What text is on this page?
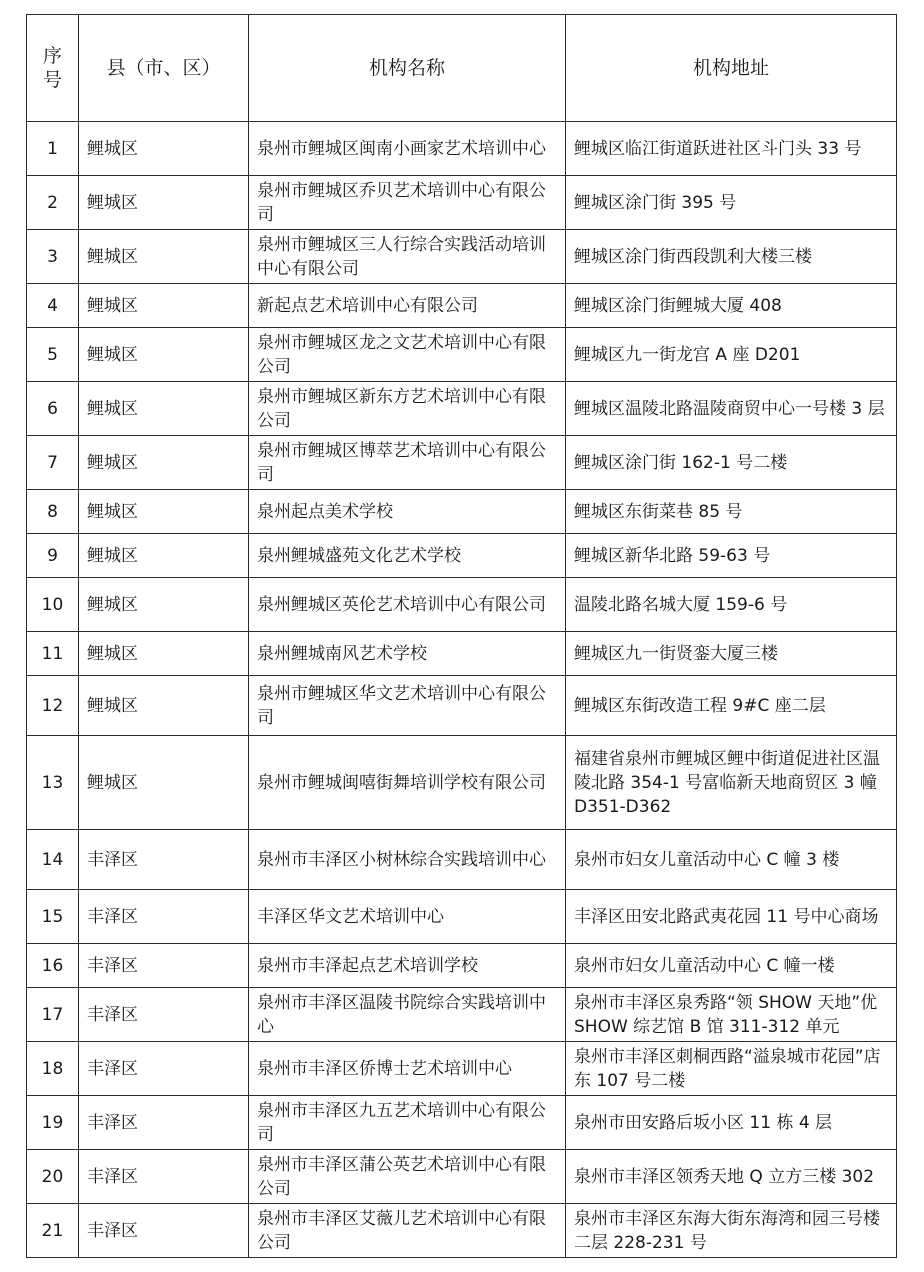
序号	县（市、区）	机构名称	机构地址
1	鲤城区	泉州市鲤城区闽南小画家艺术培训中心	鲤城区临江街道跃进社区斗门头 33 号
2	鲤城区	泉州市鲤城区乔贝艺术培训中心有限公司	鲤城区涂门街 395 号
3	鲤城区	泉州市鲤城区三人行综合实践活动培训中心有限公司	鲤城区涂门街西段凯利大楼三楼
4	鲤城区	新起点艺术培训中心有限公司	鲤城区涂门街鲤城大厦 408
5	鲤城区	泉州市鲤城区龙之文艺术培训中心有限公司	鲤城区九一街龙宫 A 座 D201
6	鲤城区	泉州市鲤城区新东方艺术培训中心有限公司	鲤城区温陵北路温陵商贸中心一号楼 3 层
7	鲤城区	泉州市鲤城区博萃艺术培训中心有限公司	鲤城区涂门街 162-1 号二楼
8	鲤城区	泉州起点美术学校	鲤城区东街菜巷 85 号
9	鲤城区	泉州鲤城盛苑文化艺术学校	鲤城区新华北路 59-63 号
10	鲤城区	泉州鲤城区英伦艺术培训中心有限公司	温陵北路名城大厦 159-6 号
11	鲤城区	泉州鲤城南风艺术学校	鲤城区九一街贤銮大厦三楼
12	鲤城区	泉州市鲤城区华文艺术培训中心有限公司	鲤城区东街改造工程 9#C 座二层
13	鲤城区	泉州市鲤城闽嘻街舞培训学校有限公司	福建省泉州市鲤城区鲤中街道促进社区温陵北路 354-1 号富临新天地商贸区 3 幢 D351-D362
14	丰泽区	泉州市丰泽区小树林综合实践培训中心	泉州市妇女儿童活动中心 C 幢 3 楼
15	丰泽区	丰泽区华文艺术培训中心	丰泽区田安北路武夷花园 11 号中心商场
16	丰泽区	泉州市丰泽起点艺术培训学校	泉州市妇女儿童活动中心 C 幢一楼
17	丰泽区	泉州市丰泽区温陵书院综合实践培训中心	泉州市丰泽区泉秀路“领 SHOW 天地”优 SHOW 综艺馆 B 馆 311-312 单元
18	丰泽区	泉州市丰泽区侨博士艺术培训中心	泉州市丰泽区刺桐西路“溢泉城市花园”店东 107 号二楼
19	丰泽区	泉州市丰泽区九五艺术培训中心有限公司	泉州市田安路后坂小区 11 栋 4 层
20	丰泽区	泉州市丰泽区蒲公英艺术培训中心有限公司	泉州市丰泽区领秀天地 Q 立方三楼 302
21	丰泽区	泉州市丰泽区艾薇儿艺术培训中心有限公司	泉州市丰泽区东海大街东海湾和园三号楼二层 228-231 号
